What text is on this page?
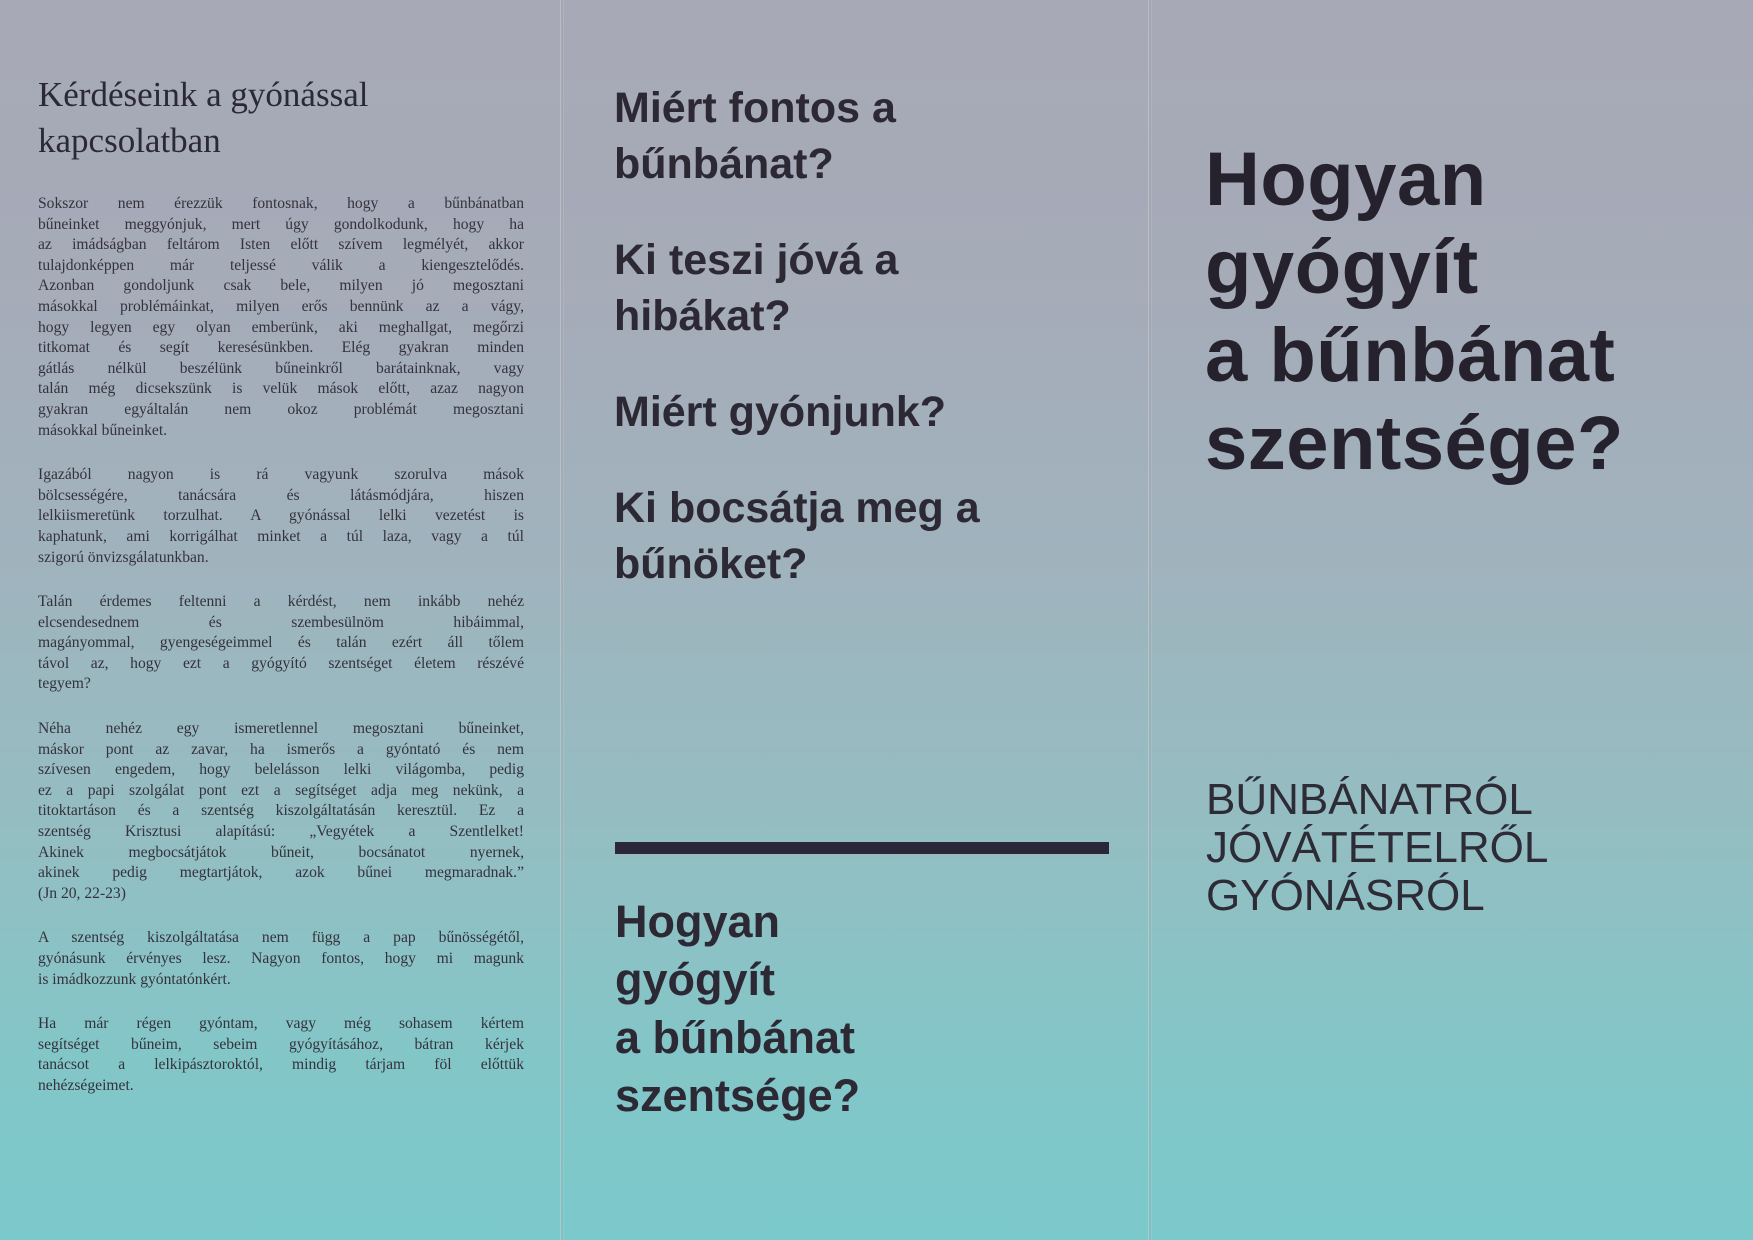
Kérdéseink a gyónással
kapcsolatban

Sokszor nem érezzük fontosnak, hogy a bűnbánatban
bűneinket meggyónjuk, mert úgy gondolkodunk, hogy ha
az imádságban feltárom Isten előtt szívem legmélyét, akkor
tulajdonképpen már teljessé válik a kiengesztelődés.
Azonban gondoljunk csak bele, milyen jó megosztani
másokkal problémáinkat, milyen erős bennünk az a vágy,
hogy legyen egy olyan emberünk, aki meghallgat, megőrzi
titkomat és segít keresésünkben. Elég gyakran minden
gátlás nélkül beszélünk bűneinkről barátainknak, vagy
talán még dicsekszünk is velük mások előtt, azaz nagyon
gyakran egyáltalán nem okoz problémát megosztani
másokkal bűneinket.

Igazából nagyon is rá vagyunk szorulva mások
bölcsességére, tanácsára és látásmódjára, hiszen
lelkiismeretünk torzulhat. A gyónással lelki vezetést is
kaphatunk, ami korrigálhat minket a túl laza, vagy a túl
szigorú önvizsgálatunkban.

Talán érdemes feltenni a kérdést, nem inkább nehéz
elcsendesednem és szembesülnöm hibáimmal,
magányommal, gyengeségeimmel és talán ezért áll tőlem
távol az, hogy ezt a gyógyító szentséget életem részévé
tegyem?

Néha nehéz egy ismeretlennel megosztani bűneinket,
máskor pont az zavar, ha ismerős a gyóntató és nem
szívesen engedem, hogy belelásson lelki világomba, pedig
ez a papi szolgálat pont ezt a segítséget adja meg nekünk, a
titoktartáson és a szentség kiszolgáltatásán keresztül. Ez a
szentség Krisztusi alapítású: „Vegyétek a Szentlelket!
Akinek megbocsátjátok bűneit, bocsánatot nyernek,
akinek pedig megtartjátok, azok bűnei megmaradnak.”
(Jn 20, 22-23)

A szentség kiszolgáltatása nem függ a pap bűnösségétől,
gyónásunk érvényes lesz. Nagyon fontos, hogy mi magunk
is imádkozzunk gyóntatónkért.

Ha már régen gyóntam, vagy még sohasem kértem
segítséget bűneim, sebeim gyógyításához, bátran kérjek
tanácsot a lelkipásztoroktól, mindig tárjam föl előttük
nehézségeimet.

Miért fontos a
bűnbánat?
Ki teszi jóvá a
hibákat?
Miért gyónjunk?
Ki bocsátja meg a
bűnöket?
Hogyan
gyógyít
a bűnbánat
szentsége?
Hogyan
gyógyít
a bűnbánat
szentsége?
BŰNBÁNATRÓL
JÓVÁTÉTELRŐL
GYÓNÁSRÓL
